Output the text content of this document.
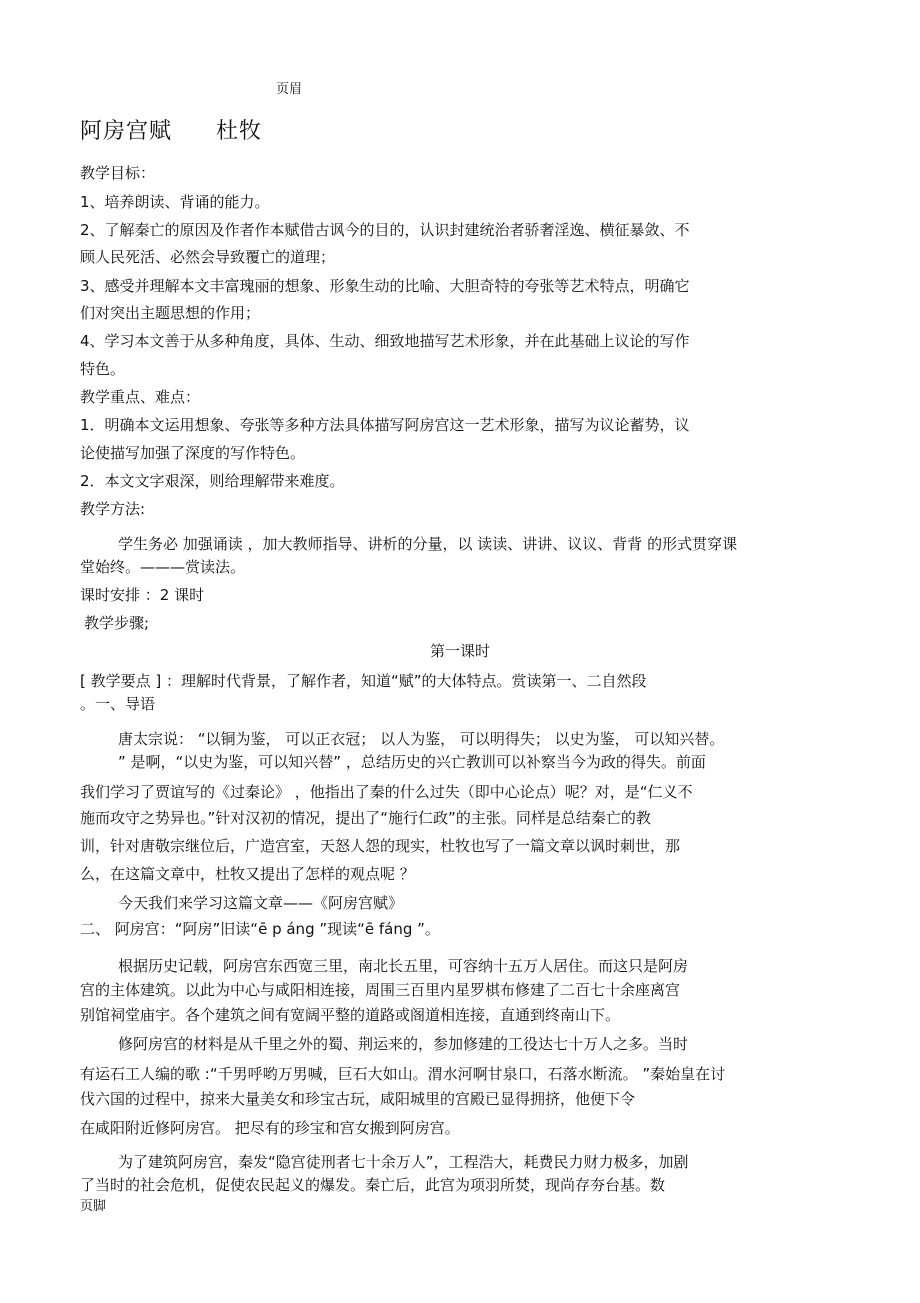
页眉
阿房宫赋 杜牧
教学目标：
1、培养朗读、背诵的能力。
2、了解秦亡的原因及作者作本赋借古讽今的目的，认识封建统治者骄奢淫逸、横征暴敛、不
顾人民死活、必然会导致覆亡的道理；
3、感受并理解本文丰富瑰丽的想象、形象生动的比喻、大胆奇特的夸张等艺术特点，明确它
们对突出主题思想的作用；
4、学习本文善于从多种角度，具体、生动、细致地描写艺术形象，并在此基础上议论的写作
特色。
教学重点、难点：
1．明确本文运用想象、夸张等多种方法具体描写阿房宫这一艺术形象，描写为议论蓄势，议
论使描写加强了深度的写作特色。
2．本文文字艰深，则给理解带来难度。
教学方法:
学生务必 加强诵读 ，加大教师指导、讲析的分量，以 读读、讲讲、议议、背背 的形式贯穿课
堂始终。———赏读法。
课时安排 ：2 课时
教学步骤;
第一课时
[ 教学要点 ] ：理解时代背景，了解作者，知道“赋”的大体特点。赏读第一、二自然段
。一、导语
唐太宗说： “以铜为鉴， 可以正衣冠； 以人为鉴， 可以明得失； 以史为鉴， 可以知兴替。
” 是啊，“以史为鉴，可以知兴替” ，总结历史的兴亡教训可以补察当今为政的得失。前面
我们学习了贾谊写的《过秦论》 ，他指出了秦的什么过失（即中心论点）呢？对，是“仁义不
施而攻守之势异也。”针对汉初的情况，提出了“施行仁政”的主张。同样是总结秦亡的教
训，针对唐敬宗继位后，广造宫室，天怒人怨的现实，杜牧也写了一篇文章以讽时刺世，那
么，在这篇文章中，杜牧又提出了怎样的观点呢 ？
今天我们来学习这篇文章——《阿房宫赋》
二、 阿房宫：“阿房”旧读“ē p áng ”现读“ē fáng ”。
根据历史记载，阿房宫东西宽三里，南北长五里，可容纳十五万人居住。而这只是阿房
宫的主体建筑。以此为中心与咸阳相连接，周围三百里内星罗棋布修建了二百七十余座离宫
别馆祠堂庙宇。各个建筑之间有宽阔平整的道路或阁道相连接，直通到终南山下。
修阿房宫的材料是从千里之外的蜀、荆运来的，参加修建的工役达七十万人之多。当时
有运石工人编的歌 :“千男呼哟万男喊，巨石大如山。渭水河啊甘泉口，石落水断流。 ”秦始皇在讨
伐六国的过程中，掠来大量美女和珍宝古玩，咸阳城里的宫殿已显得拥挤，他便下令
在咸阳附近修阿房宫。 把尽有的珍宝和宫女搬到阿房宫。
为了建筑阿房宫，秦发“隐宫徒刑者七十余万人”，工程浩大，耗费民力财力极多，加剧
了当时的社会危机，促使农民起义的爆发。秦亡后，此宫为项羽所焚，现尚存夯台基。数
页脚
